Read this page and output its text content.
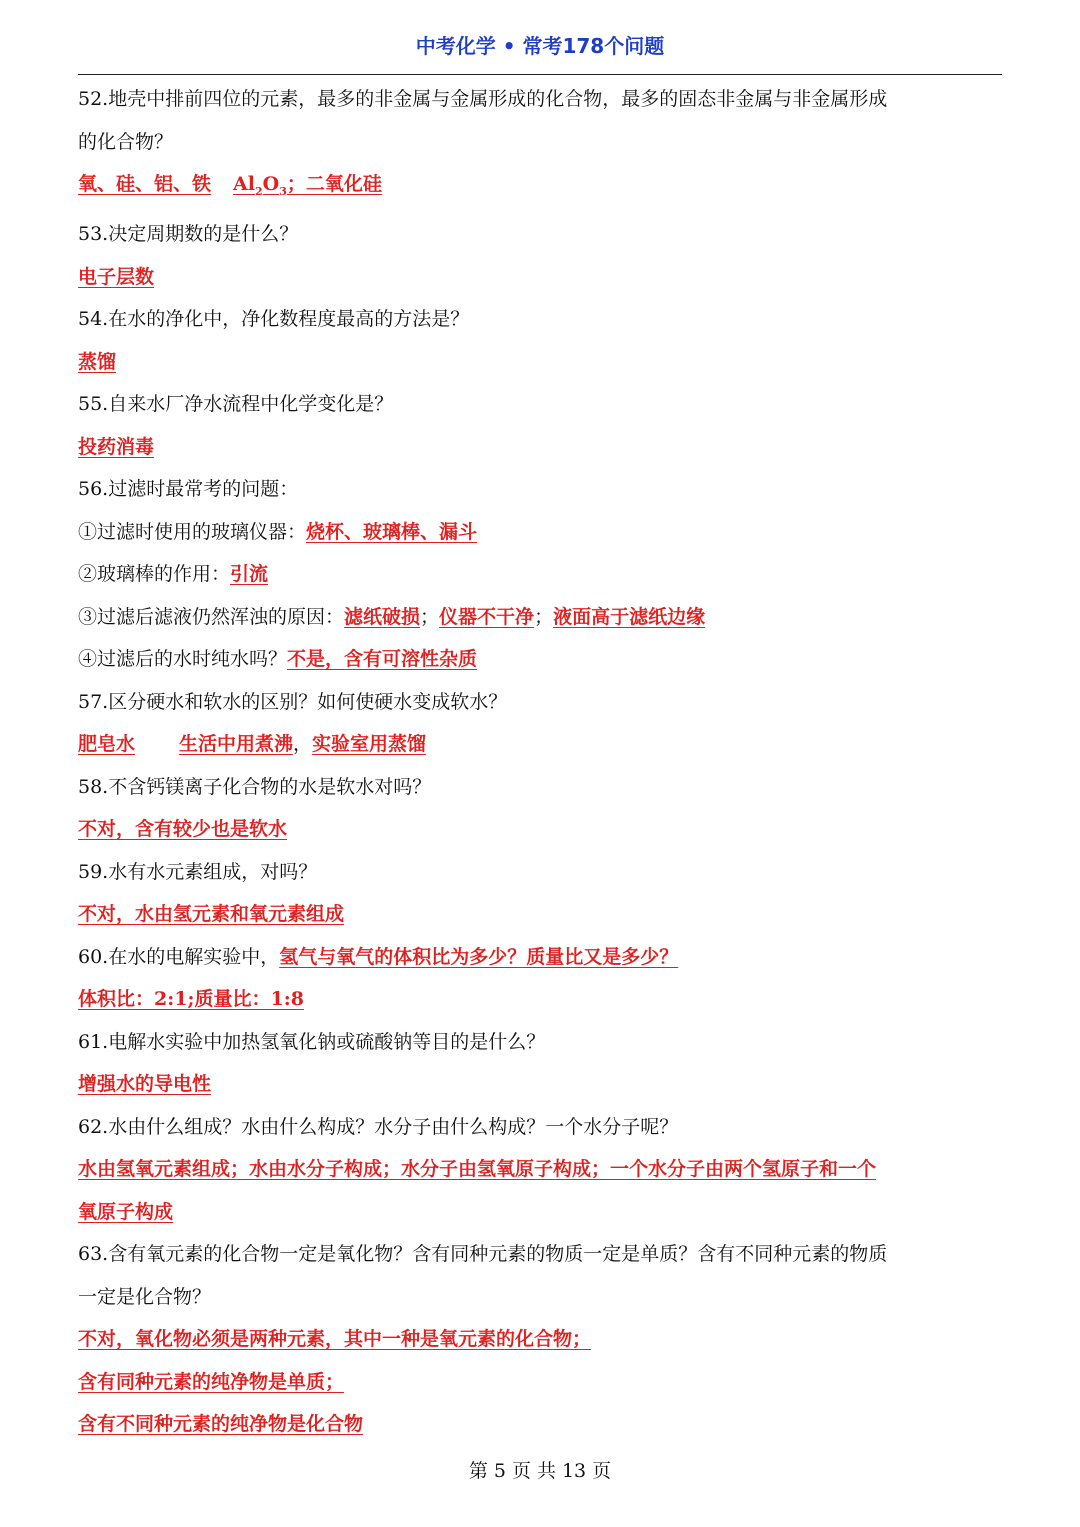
中考化学 • 常考178个问题
52.地壳中排前四位的元素，最多的非金属与金属形成的化合物，最多的固态非金属与非金属形成
的化合物？
氧、硅、铝、铁 $Al_2O_3$；二氧化硅
53.决定周期数的是什么？
电子层数
54.在水的净化中，净化数程度最高的方法是？
蒸馏
55.自来水厂净水流程中化学变化是？
投药消毒
56.过滤时最常考的问题：
①过滤时使用的玻璃仪器：烧杯、玻璃棒、漏斗
②玻璃棒的作用：引流
③过滤后滤液仍然浑浊的原因：滤纸破损；仪器不干净；液面高于滤纸边缘
④过滤后的水时纯水吗？不是，含有可溶性杂质
57.区分硬水和软水的区别？如何使硬水变成软水？
肥皂水 生活中用煮沸，实验室用蒸馏
58.不含钙镁离子化合物的水是软水对吗？
不对，含有较少也是软水
59.水有水元素组成，对吗？
不对，水由氢元素和氧元素组成
60.在水的电解实验中，氢气与氧气的体积比为多少？质量比又是多少？
体积比：2:1;质量比：1:8
61.电解水实验中加热氢氧化钠或硫酸钠等目的是什么？
增强水的导电性
62.水由什么组成？水由什么构成？水分子由什么构成？一个水分子呢？
水由氢氧元素组成；水由水分子构成；水分子由氢氧原子构成；一个水分子由两个氢原子和一个
氧原子构成
63.含有氧元素的化合物一定是氧化物？含有同种元素的物质一定是单质？含有不同种元素的物质
一定是化合物？
不对，氧化物必须是两种元素，其中一种是氧元素的化合物；
含有同种元素的纯净物是单质；
含有不同种元素的纯净物是化合物
第 5 页 共 13 页
